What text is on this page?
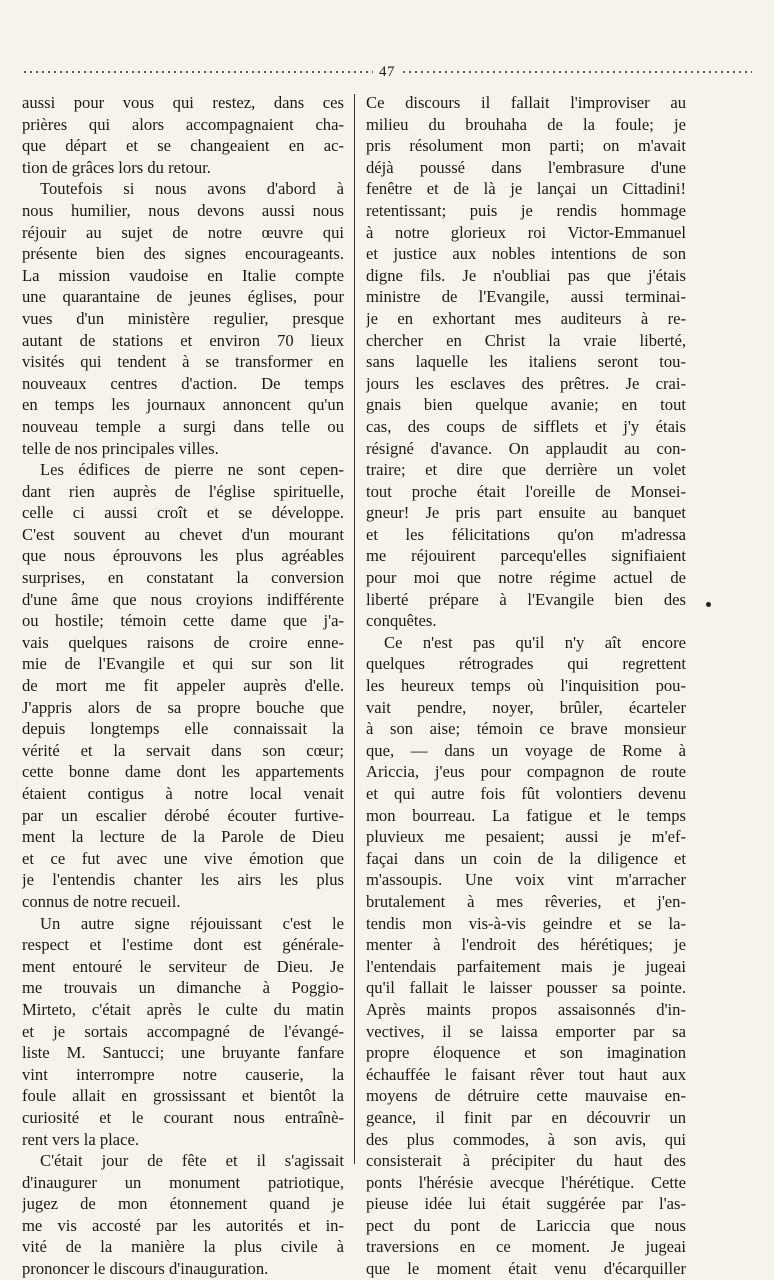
47
aussi pour vous qui restez, dans ces
prières qui alors accompagnaient cha-
que départ et se changeaient en ac-
tion de grâces lors du retour.
Toutefois si nous avons d'abord à
nous humilier, nous devons aussi nous
réjouir au sujet de notre œuvre qui
présente bien des signes encourageants.
La mission vaudoise en Italie compte
une quarantaine de jeunes églises, pour
vues d'un ministère regulier, presque
autant de stations et environ 70 lieux
visités qui tendent à se transformer en
nouveaux centres d'action. De temps
en temps les journaux annoncent qu'un
nouveau temple a surgi dans telle ou
telle de nos principales villes.
Les édifices de pierre ne sont cepen-
dant rien auprès de l'église spirituelle,
celle ci aussi croît et se développe.
C'est souvent au chevet d'un mourant
que nous éprouvons les plus agréables
surprises, en constatant la conversion
d'une âme que nous croyions indifférente
ou hostile; témoin cette dame que j'a-
vais quelques raisons de croire enne-
mie de l'Evangile et qui sur son lit
de mort me fit appeler auprès d'elle.
J'appris alors de sa propre bouche que
depuis longtemps elle connaissait la
vérité et la servait dans son cœur;
cette bonne dame dont les appartements
étaient contigus à notre local venait
par un escalier dérobé écouter furtive-
ment la lecture de la Parole de Dieu
et ce fut avec une vive émotion que
je l'entendis chanter les airs les plus
connus de notre recueil.
Un autre signe réjouissant c'est le
respect et l'estime dont est générale-
ment entouré le serviteur de Dieu. Je
me trouvais un dimanche à Poggio-
Mirteto, c'était après le culte du matin
et je sortais accompagné de l'évangé-
liste M. Santucci; une bruyante fanfare
vint interrompre notre causerie, la
foule allait en grossissant et bientôt la
curiosité et le courant nous entraînè-
rent vers la place.
C'était jour de fête et il s'agissait
d'inaugurer un monument patriotique,
jugez de mon étonnement quand je
me vis accosté par les autorités et in-
vité de la manière la plus civile à
prononcer le discours d'inauguration.
Ce discours il fallait l'improviser au
milieu du brouhaha de la foule; je
pris résolument mon parti; on m'avait
déjà poussé dans l'embrasure d'une
fenêtre et de là je lançai un Cittadini!
retentissant; puis je rendis hommage
à notre glorieux roi Victor-Emmanuel
et justice aux nobles intentions de son
digne fils. Je n'oubliai pas que j'étais
ministre de l'Evangile, aussi terminai-
je en exhortant mes auditeurs à re-
chercher en Christ la vraie liberté,
sans laquelle les italiens seront tou-
jours les esclaves des prêtres. Je crai-
gnais bien quelque avanie; en tout
cas, des coups de sifflets et j'y étais
résigné d'avance. On applaudit au con-
traire; et dire que derrière un volet
tout proche était l'oreille de Monsei-
gneur! Je pris part ensuite au banquet
et les félicitations qu'on m'adressa
me réjouirent parcequ'elles signifiaient
pour moi que notre régime actuel de
liberté prépare à l'Evangile bien des
conquêtes.
Ce n'est pas qu'il n'y aît encore
quelques rétrogrades qui regrettent
les heureux temps où l'inquisition pou-
vait pendre, noyer, brûler, écarteler
à son aise; témoin ce brave monsieur
que, — dans un voyage de Rome à
Ariccia, j'eus pour compagnon de route
et qui autre fois fût volontiers devenu
mon bourreau. La fatigue et le temps
pluvieux me pesaient; aussi je m'ef-
façai dans un coin de la diligence et
m'assoupis. Une voix vint m'arracher
brutalement à mes rêveries, et j'en-
tendis mon vis-à-vis geindre et se la-
menter à l'endroit des hérétiques; je
l'entendais parfaitement mais je jugeai
qu'il fallait le laisser pousser sa pointe.
Après maints propos assaisonnés d'in-
vectives, il se laissa emporter par sa
propre éloquence et son imagination
échauffée le faisant rêver tout haut aux
moyens de détruire cette mauvaise en-
geance, il finit par en découvrir un
des plus commodes, à son avis, qui
consisterait à précipiter du haut des
ponts l'hérésie avecque l'hérétique. Cette
pieuse idée lui était suggérée par l'as-
pect du pont de Lariccia que nous
traversions en ce moment. Je jugeai
que le moment était venu d'écarquiller
